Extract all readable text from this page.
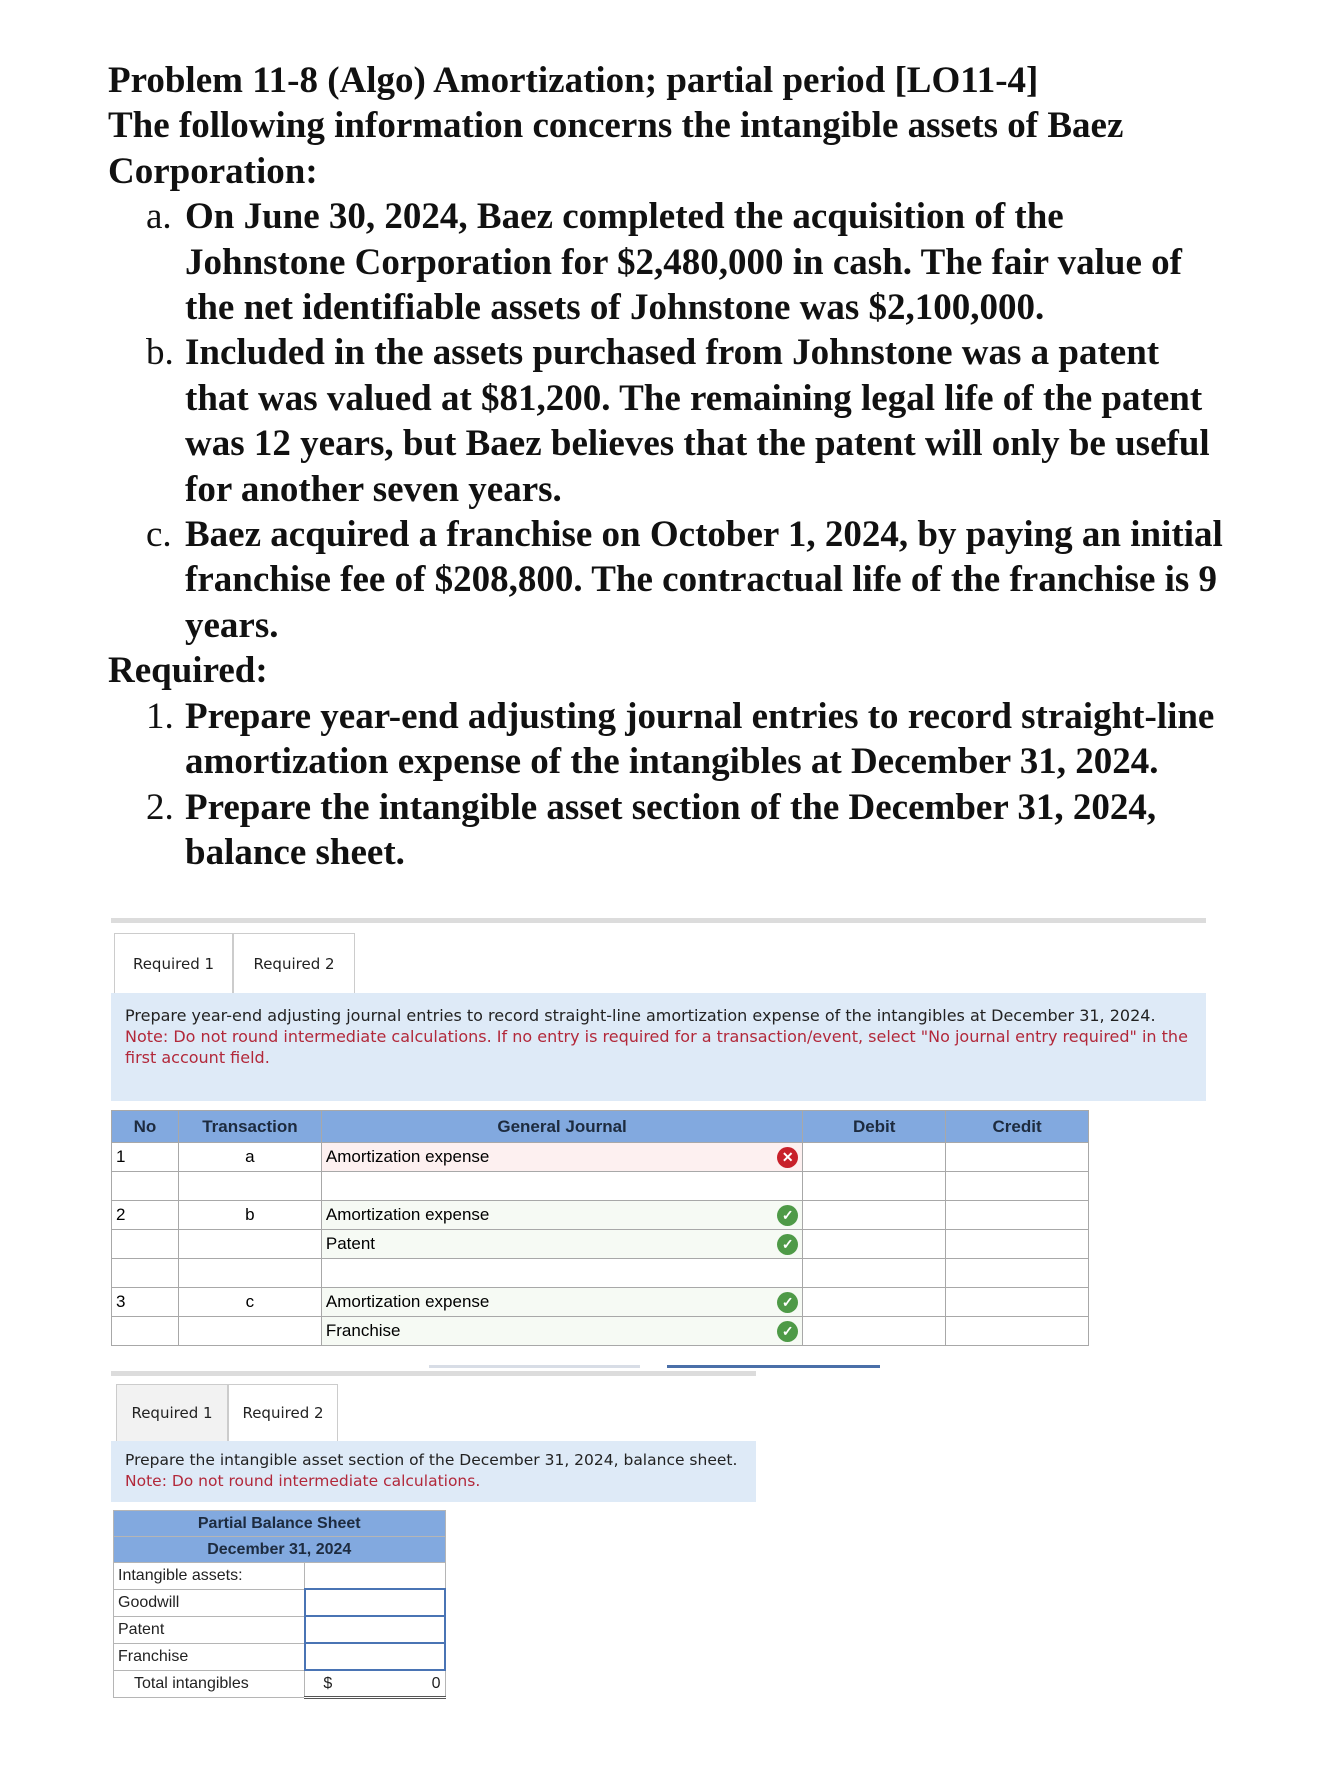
Problem 11-8 (Algo) Amortization; partial period [LO11-4]

The following information concerns the intangible assets of Baez Corporation:

a. On June 30, 2024, Baez completed the acquisition of the Johnstone Corporation for $2,480,000 in cash. The fair value of the net identifiable assets of Johnstone was $2,100,000.
b. Included in the assets purchased from Johnstone was a patent that was valued at $81,200. The remaining legal life of the patent was 12 years, but Baez believes that the patent will only be useful for another seven years.
c. Baez acquired a franchise on October 1, 2024, by paying an initial franchise fee of $208,800. The contractual life of the franchise is 9 years.

Required:

1. Prepare year-end adjusting journal entries to record straight-line amortization expense of the intangibles at December 31, 2024.
2. Prepare the intangible asset section of the December 31, 2024, balance sheet.
Required 1	Required 2
Prepare year-end adjusting journal entries to record straight-line amortization expense of the intangibles at December 31, 2024.
Note: Do not round intermediate calculations. If no entry is required for a transaction/event, select "No journal entry required" in the first account field.
No	Transaction	General Journal	Debit	Credit
1	a	Amortization expense ✕		

2	b	Amortization expense ✓		

		Patent ✓		

3	c	Amortization expense ✓		

		Franchise ✓		

Required 1	Required 2
Prepare the intangible asset section of the December 31, 2024, balance sheet.
Note: Do not round intermediate calculations.
Partial Balance Sheet	
December 31, 2024	
Intangible assets:	
Goodwill	
Patent	
Franchise	
Total intangibles	$ 0
